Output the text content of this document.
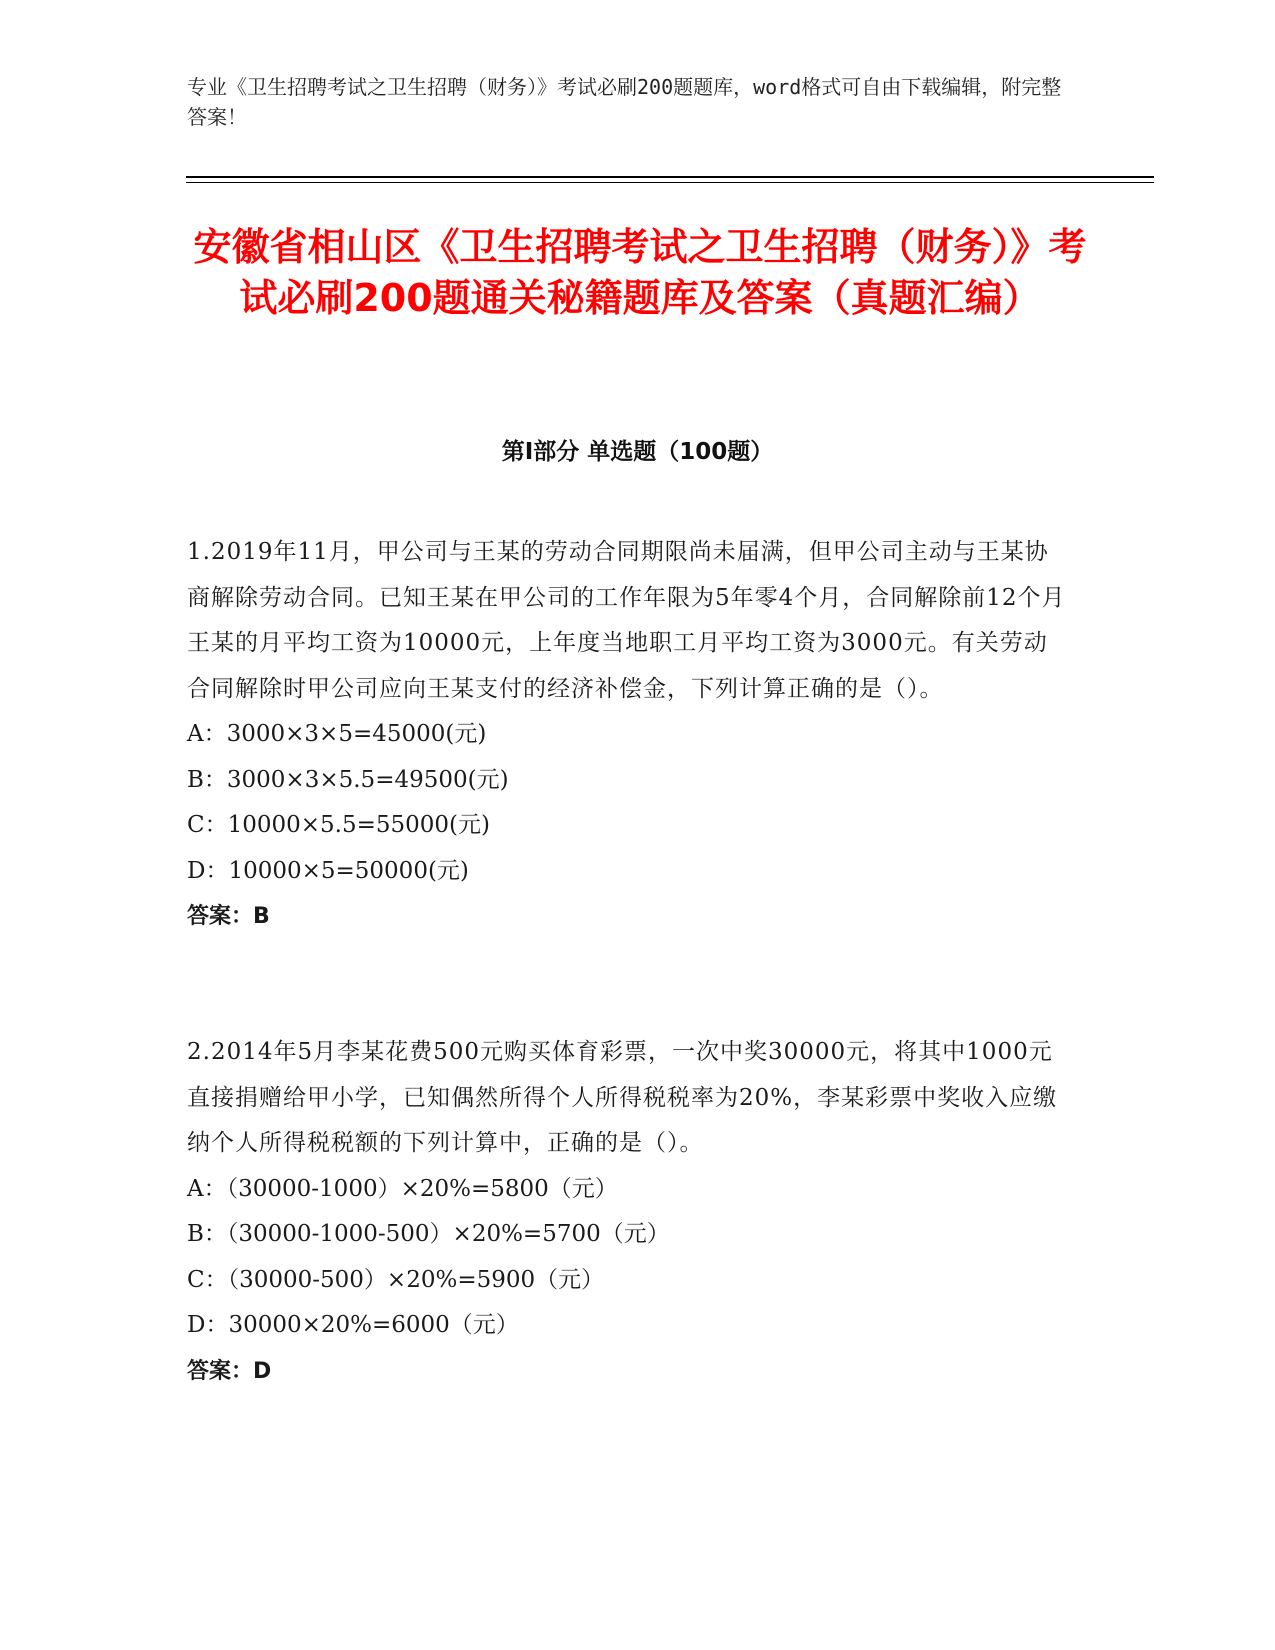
专业《卫生招聘考试之卫生招聘（财务）》考试必刷200题题库，word格式可自由下载编辑，附完整答案！
安徽省相山区《卫生招聘考试之卫生招聘（财务）》考试必刷200题通关秘籍题库及答案（真题汇编）
第I部分 单选题（100题）
1.2019年11月，甲公司与王某的劳动合同期限尚未届满，但甲公司主动与王某协商解除劳动合同。已知王某在甲公司的工作年限为5年零4个月，合同解除前12个月王某的月平均工资为10000元，上年度当地职工月平均工资为3000元。有关劳动合同解除时甲公司应向王某支付的经济补偿金，下列计算正确的是（）。
A：3000×3×5=45000(元)
B：3000×3×5.5=49500(元)
C：10000×5.5=55000(元)
D：10000×5=50000(元)
答案：B
2.2014年5月李某花费500元购买体育彩票，一次中奖30000元，将其中1000元直接捐赠给甲小学，已知偶然所得个人所得税税率为20%，李某彩票中奖收入应缴纳个人所得税税额的下列计算中，正确的是（）。
A：（30000-1000）×20%=5800（元）
B：（30000-1000-500）×20%=5700（元）
C：（30000-500）×20%=5900（元）
D：30000×20%=6000（元）
答案：D
